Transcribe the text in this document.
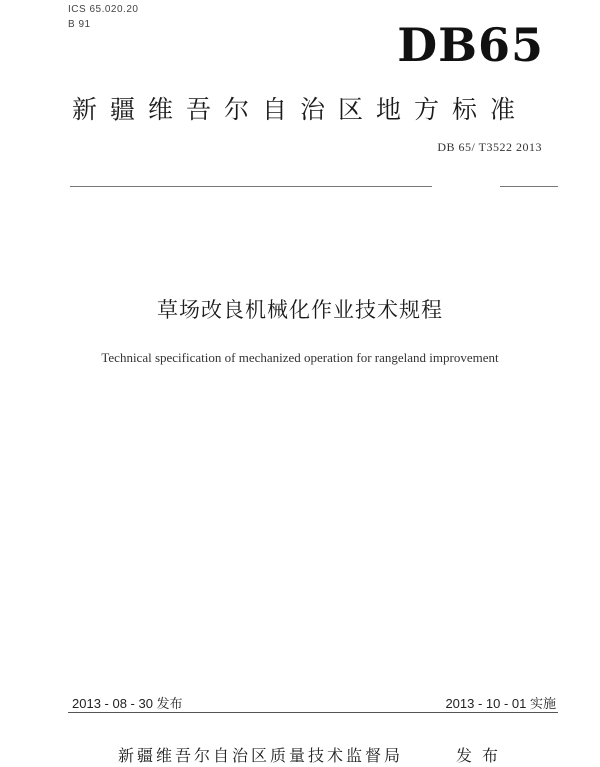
ICS 65.020.20
B 91	DB65
新疆维吾尔自治区地方标准
DB 65/ T3522 2013
草场改良机械化作业技术规程
Technical specification of mechanized operation for rangeland improvement
2013 - 08 - 30 发布	2013 - 10 - 01 实施
新疆维吾尔自治区质量技术监督局	发布
